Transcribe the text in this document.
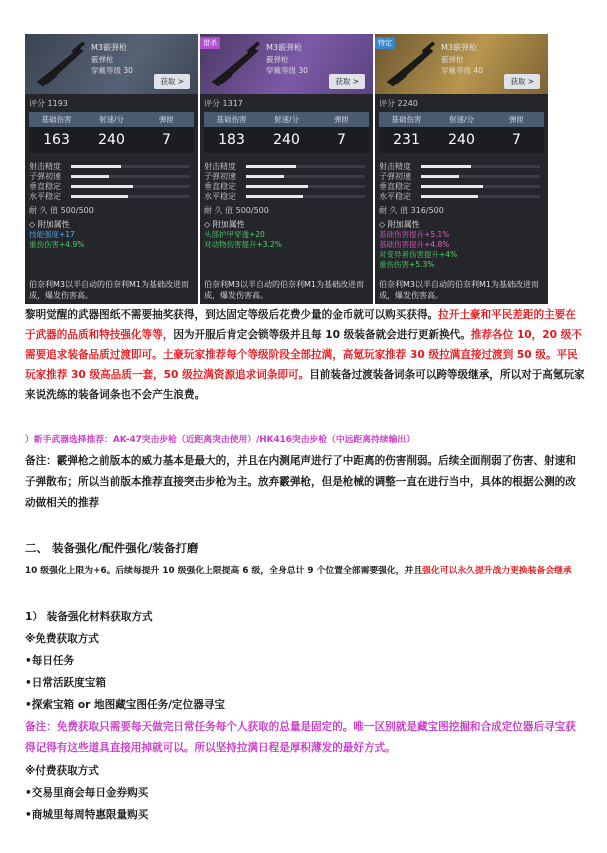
M3霰弹枪
霰弹枪
穿戴等级 30
获取 >
评分 1193
基础伤害	射速/分	弹匣
163	240	7
射击精度
子弹初速
垂直稳定
水平稳定
耐 久 值 500/500
◇ 附加属性
技能强度+17
重伤伤害+4.9%
伯奈利M3以半自动的伯奈利M1为基础改进而成，爆发伤害高。
猎杀	M3霰弹枪
霰弹枪
穿戴等级 30
获取 >
评分 1317
基础伤害	射速/分	弹匣
183	240	7
射击精度
子弹初速
垂直稳定
水平稳定
耐 久 值 500/500
◇ 附加属性
头部护甲穿透+20
对动物伤害提升+3.2%
伯奈利M3以半自动的伯奈利M1为基础改进而成，爆发伤害高。
特定	M3霰弹枪
霰弹枪
穿戴等级 40
获取 >
评分 2240
基础伤害	射速/分	弹匣
231	240	7
射击精度
子弹初速
垂直稳定
水平稳定
耐 久 值 316/500
◇ 附加属性
基础伤害提升+5.1%
基础伤害提升+4.8%
对变异者伤害提升+4%
重伤伤害+5.3%
伯奈利M3以半自动的伯奈利M1为基础改进而成，爆发伤害高。
黎明觉醒的武器图纸不需要抽奖获得，到达固定等级后花费少量的金币就可以购买获得。拉开土豪和平民差距的主要在于武器的品质和特技强化等等，因为开服后肯定会锁等级并且每 10 级装备就会进行更新换代。推荐各位 10，20 级不需要追求装备品质过渡即可。土豪玩家推荐每个等级阶段全部拉满，高氪玩家推荐 30 级拉满直接过渡到 50 级。平民玩家推荐 30 级高品质一套，50 级拉满资源追求词条即可。目前装备过渡装备词条可以跨等级继承，所以对于高氪玩家来说洗练的装备词条也不会产生浪费。
）新手武器选择推荐：AK-47突击步枪（近距离突击使用）/HK416突击步枪（中远距离持续输出）
备注：霰弹枪之前版本的威力基本是最大的，并且在内测尾声进行了中距离的伤害削弱。后续全面削弱了伤害、射速和子弹散布；所以当前版本推荐直接突击步枪为主。放弃霰弹枪，但是枪械的调整一直在进行当中，具体的根据公测的改动做相关的推荐
二、 装备强化/配件强化/装备打磨
10 级强化上限为+6。后续每提升 10 级强化上限提高 6 级，全身总计 9 个位置全部需要强化，并且强化可以永久提升战力更换装备会继承
1） 装备强化材料获取方式
※免费获取方式
•每日任务
•日常活跃度宝箱
•探索宝箱 or 地图藏宝图任务/定位器寻宝
备注：免费获取只需要每天做完日常任务每个人获取的总量是固定的。唯一区别就是藏宝图挖掘和合成定位器后寻宝获得记得有这些道具直接用掉就可以。所以坚持拉满日程是厚积薄发的最好方式。
※付费获取方式
•交易里商会每日金券购买
•商城里每周特惠限量购买
